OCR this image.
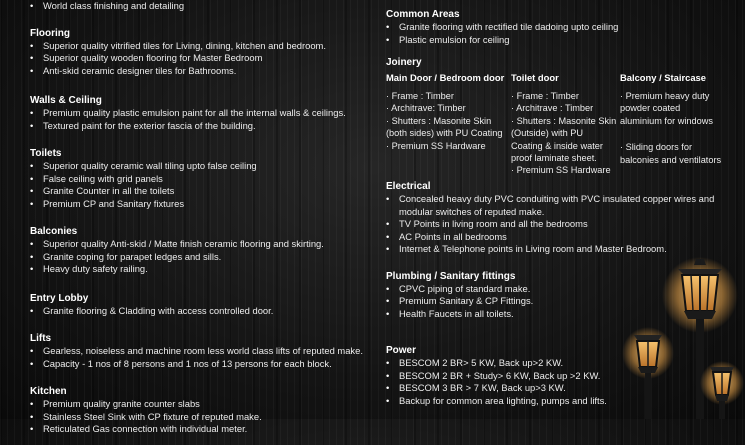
• World class finishing and detailing
Flooring
• Superior quality vitrified tiles for Living, dining, kitchen and bedroom.
• Superior quality wooden flooring for Master Bedroom
• Anti-skid ceramic designer tiles for Bathrooms.
Walls & Ceiling
• Premium quality plastic emulsion paint for all the internal walls & ceilings.
• Textured paint for the exterior fascia of the building.
Toilets
• Superior quality ceramic wall tiling upto false ceiling
• False ceiling with grid panels
• Granite Counter in all the toilets
• Premium CP and Sanitary fixtures
Balconies
• Superior quality Anti-skid / Matte finish ceramic flooring and skirting.
• Granite coping for parapet ledges and sills.
• Heavy duty safety railing.
Entry Lobby
• Granite flooring & Cladding with access controlled door.
Lifts
• Gearless, noiseless and machine room less world class lifts of reputed make.
• Capacity - 1 nos of 8 persons and 1 nos of 13 persons for each block.
Kitchen
• Premium quality granite counter slabs
• Stainless Steel Sink with CP fixture of reputed make.
• Reticulated Gas connection with individual meter.
Common Areas
• Granite flooring with rectified tile dadoing upto ceiling
• Plastic emulsion for ceiling
Joinery
Main Door / Bedroom door
· Frame : Timber
· Architrave: Timber
· Shutters : Masonite Skin
(both sides) with PU Coating
· Premium SS Hardware
Toilet door
· Frame : Timber
· Architrave : Timber
· Shutters : Masonite Skin
(Outside) with PU
Coating & inside water
proof laminate sheet.
· Premium SS Hardware
Balcony / Staircase
· Premium heavy duty
powder coated
aluminium for windows
· Sliding doors for
balconies and ventilators
Electrical
• Concealed heavy duty PVC conduiting with PVC insulated copper wires and modular switches of reputed make.
• TV Points in living room and all the bedrooms
• AC Points in all bedrooms
• Internet & Telephone points in Living room and Master Bedroom.
Plumbing / Sanitary fittings
• CPVC piping of standard make.
• Premium Sanitary & CP Fittings.
• Health Faucets in all toilets.
Power
• BESCOM 2 BR> 5 KW, Back up>2 KW.
• BESCOM 2 BR + Study> 6 KW, Back up >2 KW.
• BESCOM 3 BR > 7 KW, Back up>3 KW.
• Backup for common area lighting, pumps and lifts.
